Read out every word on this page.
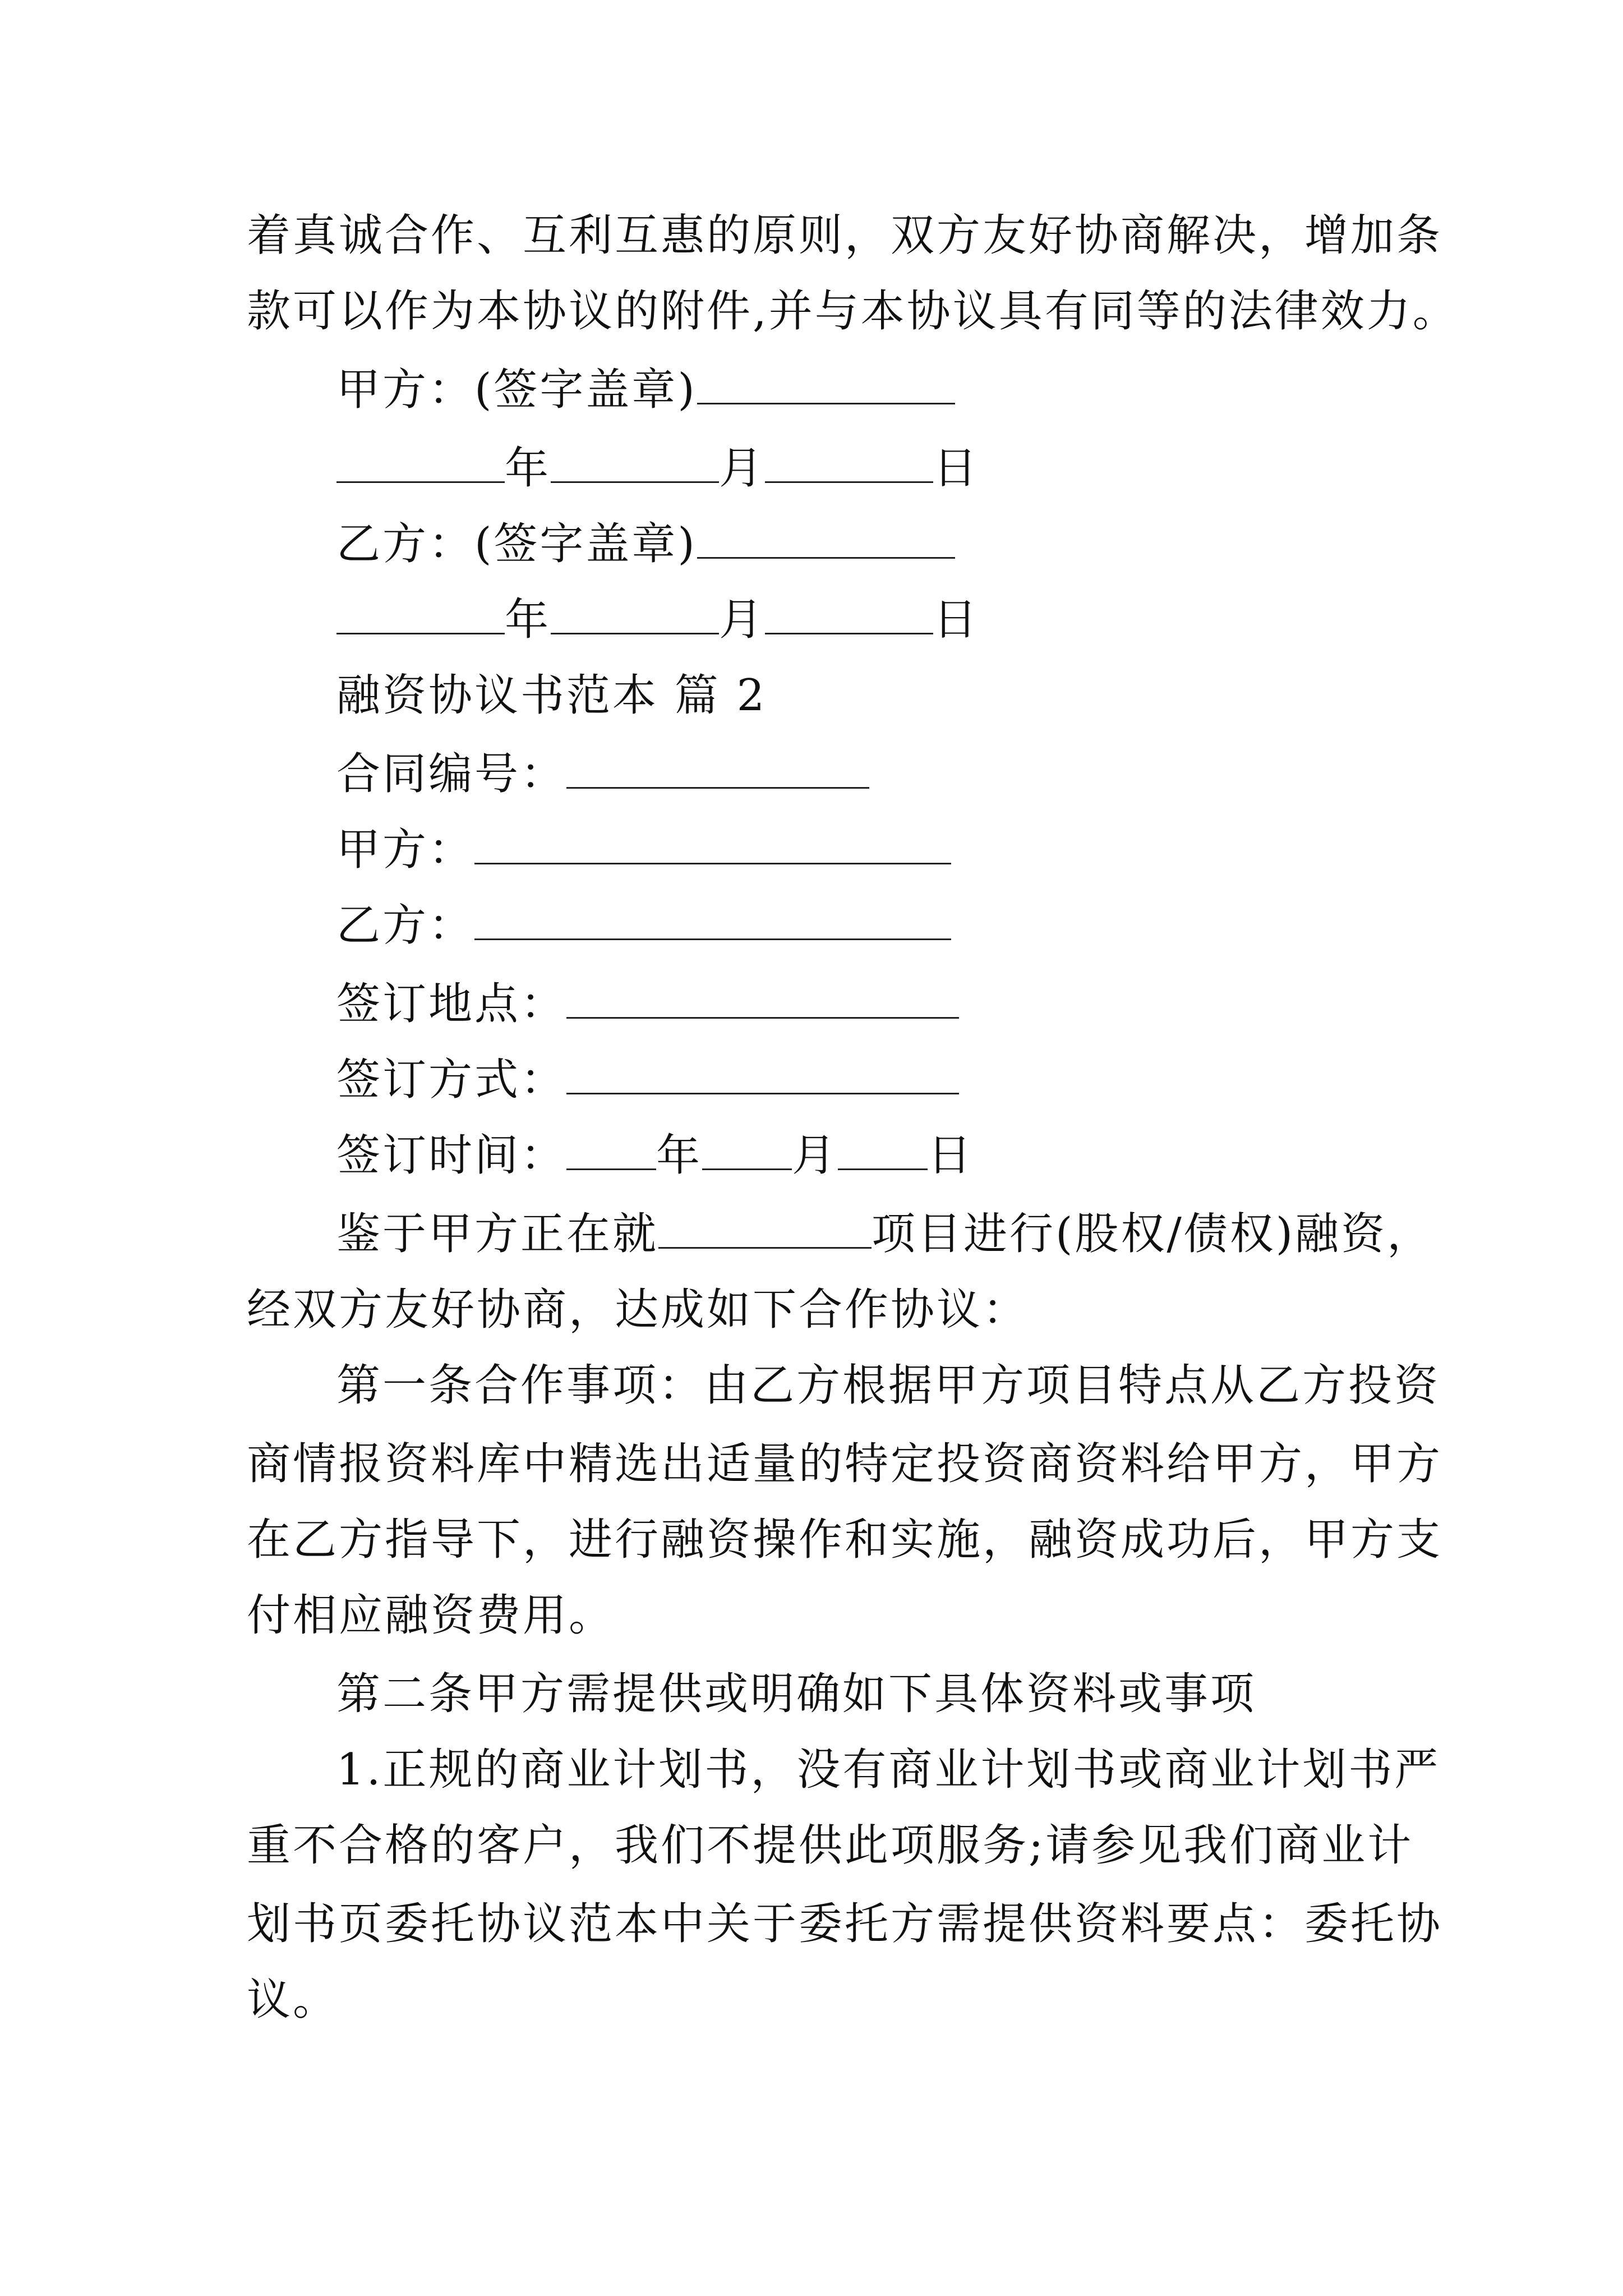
着真诚合作、互利互惠的原则，双方友好协商解决，增加条
款可以作为本协议的附件,并与本协议具有同等的法律效力。
甲方：(签字盖章)
年	月	日
乙方：(签字盖章)
年	月	日
融资协议书范本 篇 2
合同编号：
甲方：
乙方：
签订地点：
签订方式：
签订时间： 年 月 日
鉴于甲方正在就	项目进行(股权/债权)融资，
经双方友好协商，达成如下合作协议：
第一条合作事项：由乙方根据甲方项目特点从乙方投资
商情报资料库中精选出适量的特定投资商资料给甲方，甲方
在乙方指导下，进行融资操作和实施，融资成功后，甲方支
付相应融资费用。
第二条甲方需提供或明确如下具体资料或事项
1.正规的商业计划书，没有商业计划书或商业计划书严
重不合格的客户，我们不提供此项服务;请参见我们商业计
划书页委托协议范本中关于委托方需提供资料要点：委托协
议。
